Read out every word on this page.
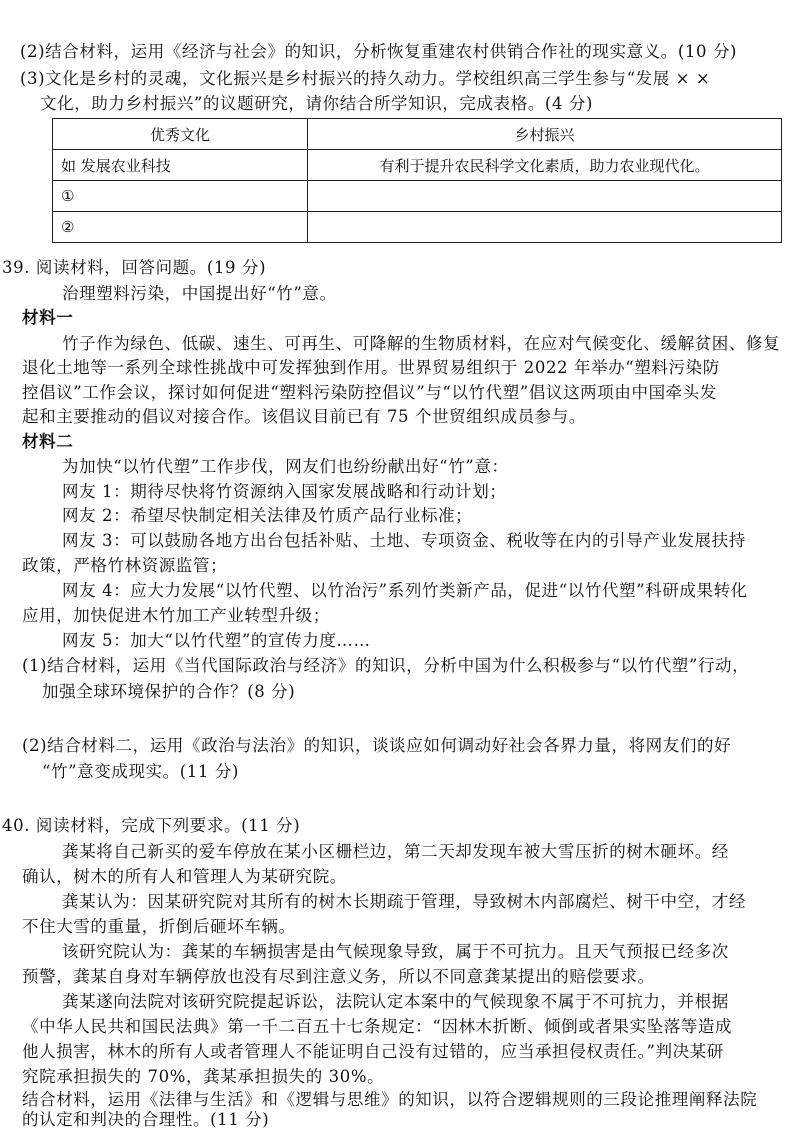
(2)结合材料，运用《经济与社会》的知识，分析恢复重建农村供销合作社的现实意义。(10 分)
(3)文化是乡村的灵魂，文化振兴是乡村振兴的持久动力。学校组织高三学生参与“发展 × ×
文化，助力乡村振兴”的议题研究，请你结合所学知识，完成表格。(4 分)
优秀文化	乡村振兴
如 发展农业科技	有利于提升农民科学文化素质，助力农业现代化。
①	
②	
39. 阅读材料，回答问题。(19 分)
治理塑料污染，中国提出好“竹”意。
材料一
竹子作为绿色、低碳、速生、可再生、可降解的生物质材料，在应对气候变化、缓解贫困、修复
退化土地等一系列全球性挑战中可发挥独到作用。世界贸易组织于 2022 年举办“塑料污染防
控倡议”工作会议，探讨如何促进“塑料污染防控倡议”与“以竹代塑”倡议这两项由中国牵头发
起和主要推动的倡议对接合作。该倡议目前已有 75 个世贸组织成员参与。
材料二
为加快“以竹代塑”工作步伐，网友们也纷纷献出好“竹”意：
网友 1：期待尽快将竹资源纳入国家发展战略和行动计划；
网友 2：希望尽快制定相关法律及竹质产品行业标准；
网友 3：可以鼓励各地方出台包括补贴、土地、专项资金、税收等在内的引导产业发展扶持
政策，严格竹林资源监管；
网友 4：应大力发展“以竹代塑、以竹治污”系列竹类新产品，促进“以竹代塑”科研成果转化
应用，加快促进木竹加工产业转型升级；
网友 5：加大“以竹代塑”的宣传力度……
(1)结合材料，运用《当代国际政治与经济》的知识，分析中国为什么积极参与“以竹代塑”行动，
加强全球环境保护的合作？(8 分)
(2)结合材料二，运用《政治与法治》的知识，谈谈应如何调动好社会各界力量，将网友们的好
“竹”意变成现实。(11 分)
40. 阅读材料，完成下列要求。(11 分)
龚某将自己新买的爱车停放在某小区栅栏边，第二天却发现车被大雪压折的树木砸坏。经
确认，树木的所有人和管理人为某研究院。
龚某认为：因某研究院对其所有的树木长期疏于管理，导致树木内部腐烂、树干中空，才经
不住大雪的重量，折倒后砸坏车辆。
该研究院认为：龚某的车辆损害是由气候现象导致，属于不可抗力。且天气预报已经多次
预警，龚某自身对车辆停放也没有尽到注意义务，所以不同意龚某提出的赔偿要求。
龚某遂向法院对该研究院提起诉讼，法院认定本案中的气候现象不属于不可抗力，并根据
《中华人民共和国民法典》第一千二百五十七条规定：“因林木折断、倾倒或者果实坠落等造成
他人损害，林木的所有人或者管理人不能证明自己没有过错的，应当承担侵权责任。”判决某研
究院承担损失的 70%，龚某承担损失的 30%。
结合材料，运用《法律与生活》和《逻辑与思维》的知识，以符合逻辑规则的三段论推理阐释法院
的认定和判决的合理性。(11 分)
